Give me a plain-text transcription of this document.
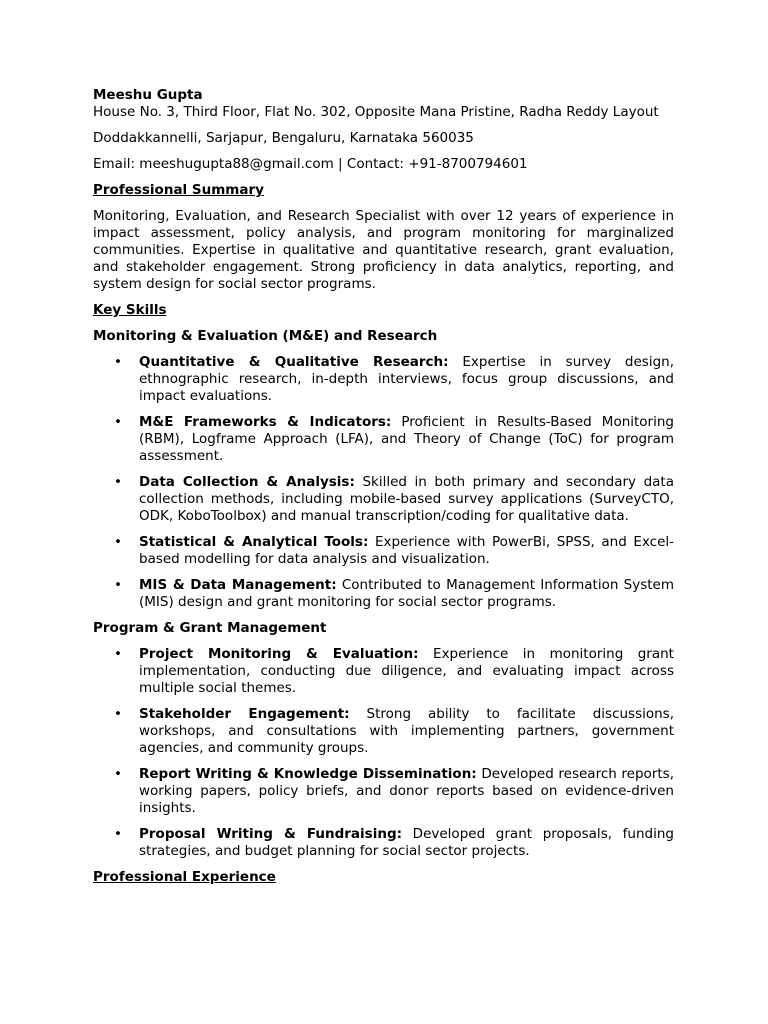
Meeshu Gupta

House No. 3, Third Floor, Flat No. 302, Opposite Mana Pristine, Radha Reddy Layout

Doddakkannelli, Sarjapur, Bengaluru, Karnataka 560035

Email: meeshugupta88@gmail.com | Contact: +91-8700794601

Professional Summary

Monitoring, Evaluation, and Research Specialist with over 12 years of experience in impact assessment, policy analysis, and program monitoring for marginalized communities. Expertise in qualitative and quantitative research, grant evaluation, and stakeholder engagement. Strong proficiency in data analytics, reporting, and system design for social sector programs.

Key Skills

Monitoring & Evaluation (M&E) and Research

• Quantitative & Qualitative Research: Expertise in survey design, ethnographic research, in-depth interviews, focus group discussions, and impact evaluations.
• M&E Frameworks & Indicators: Proficient in Results-Based Monitoring (RBM), Logframe Approach (LFA), and Theory of Change (ToC) for program assessment.
• Data Collection & Analysis: Skilled in both primary and secondary data collection methods, including mobile-based survey applications (SurveyCTO, ODK, KoboToolbox) and manual transcription/coding for qualitative data.
• Statistical & Analytical Tools: Experience with PowerBi, SPSS, and Excel-based modelling for data analysis and visualization.
• MIS & Data Management: Contributed to Management Information System (MIS) design and grant monitoring for social sector programs.

Program & Grant Management

• Project Monitoring & Evaluation: Experience in monitoring grant implementation, conducting due diligence, and evaluating impact across multiple social themes.
• Stakeholder Engagement: Strong ability to facilitate discussions, workshops, and consultations with implementing partners, government agencies, and community groups.
• Report Writing & Knowledge Dissemination: Developed research reports, working papers, policy briefs, and donor reports based on evidence-driven insights.
• Proposal Writing & Fundraising: Developed grant proposals, funding strategies, and budget planning for social sector projects.

Professional Experience
